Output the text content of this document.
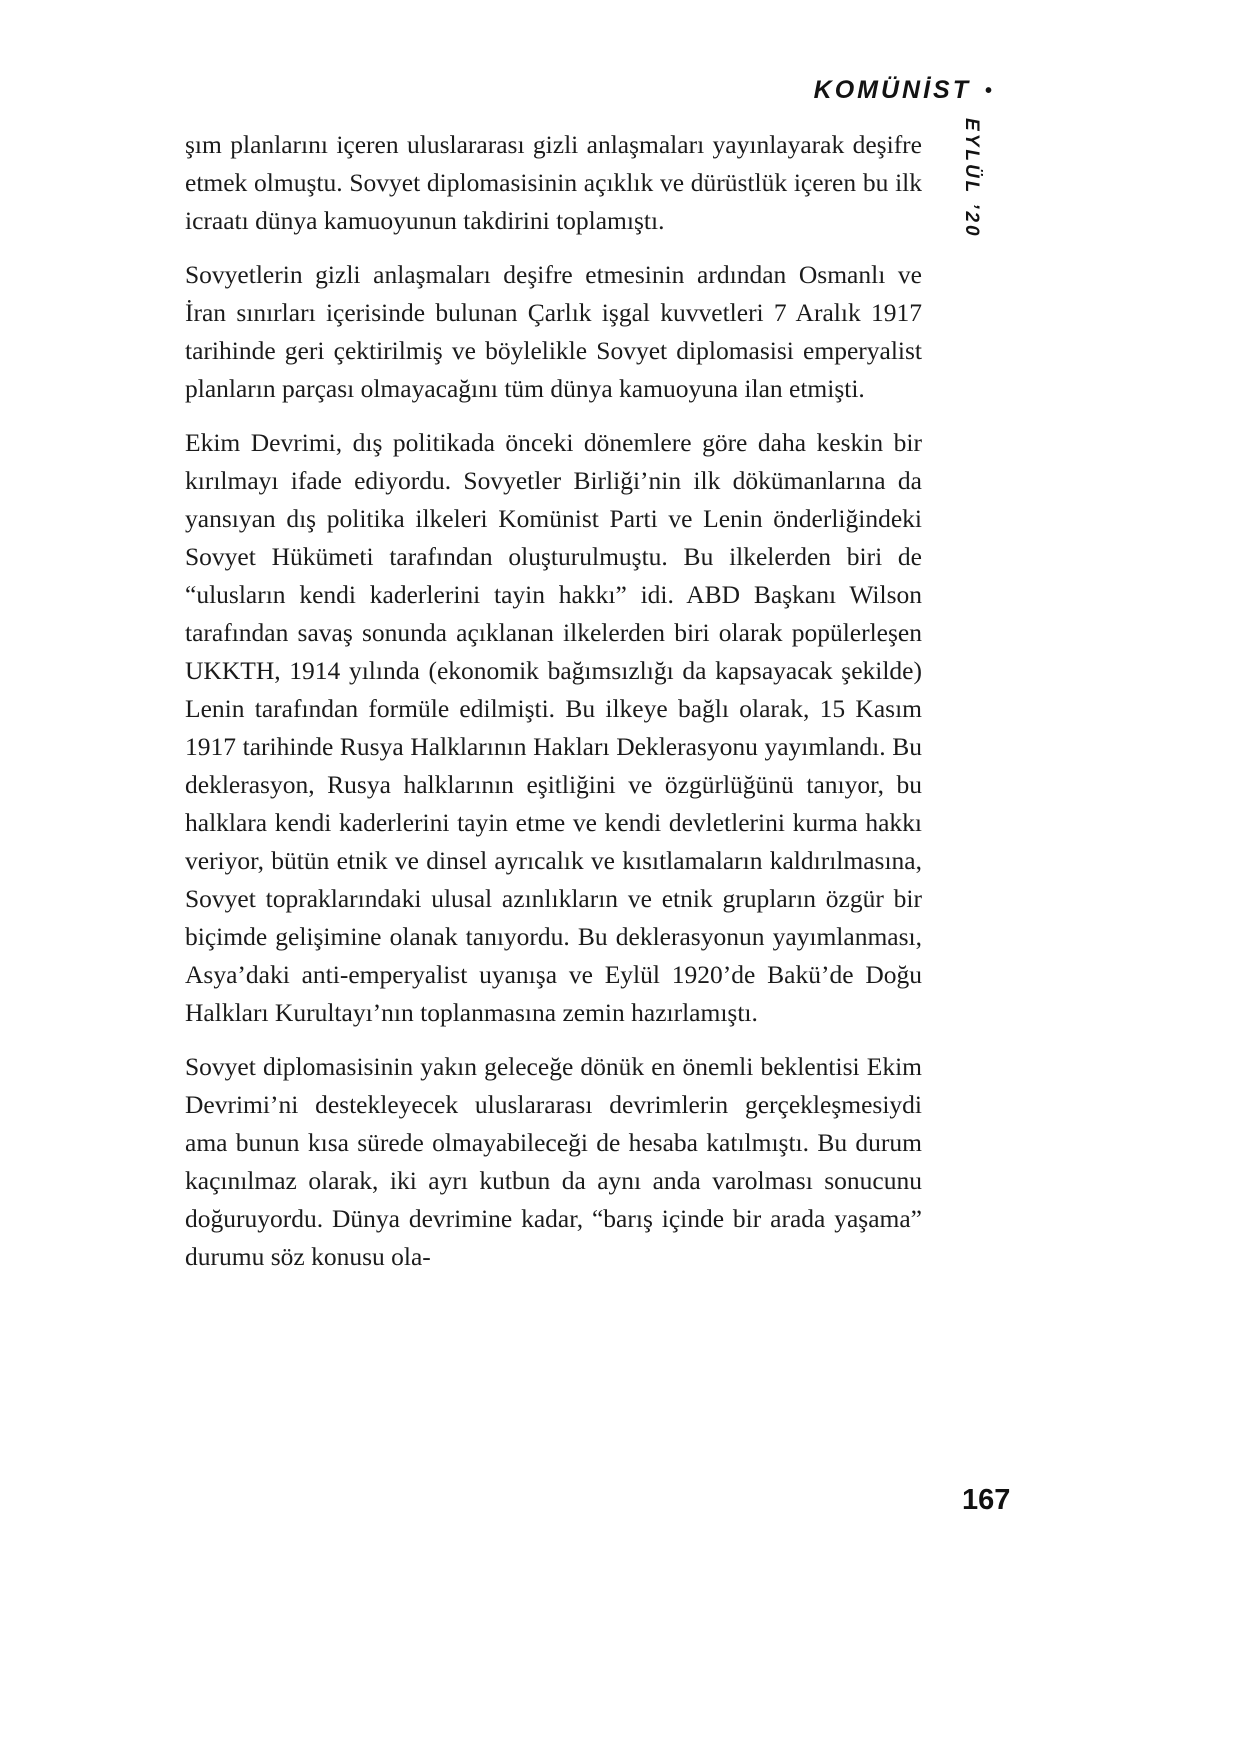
KOMÜNİST •
EYLÜL ’20

şım planlarını içeren uluslararası gizli anlaşmaları yayınlayarak deşifre etmek olmuştu. Sovyet diplomasisinin açıklık ve dürüstlük içeren bu ilk icraatı dünya kamuoyunun takdirini toplamıştı.

Sovyetlerin gizli anlaşmaları deşifre etmesinin ardından Osmanlı ve İran sınırları içerisinde bulunan Çarlık işgal kuvvetleri 7 Aralık 1917 tarihinde geri çektirilmiş ve böylelikle Sovyet diplomasisi emperyalist planların parçası olmayacağını tüm dünya kamuoyuna ilan etmişti.

Ekim Devrimi, dış politikada önceki dönemlere göre daha keskin bir kırılmayı ifade ediyordu. Sovyetler Birliği’nin ilk dökümanlarına da yansıyan dış politika ilkeleri Komünist Parti ve Lenin önderliğindeki Sovyet Hükümeti tarafından oluşturulmuştu. Bu ilkelerden biri de “ulusların kendi kaderlerini tayin hakkı” idi. ABD Başkanı Wilson tarafından savaş sonunda açıklanan ilkelerden biri olarak popülerleşen UKKTH, 1914 yılında (ekonomik bağımsızlığı da kapsayacak şekilde) Lenin tarafından formüle edilmişti. Bu ilkeye bağlı olarak, 15 Kasım 1917 tarihinde Rusya Halklarının Hakları Deklerasyonu yayımlandı. Bu deklerasyon, Rusya halklarının eşitliğini ve özgürlüğünü tanıyor, bu halklara kendi kaderlerini tayin etme ve kendi devletlerini kurma hakkı veriyor, bütün etnik ve dinsel ayrıcalık ve kısıtlamaların kaldırılmasına, Sovyet topraklarındaki ulusal azınlıkların ve etnik grupların özgür bir biçimde gelişimine olanak tanıyordu. Bu deklerasyonun yayımlanması, Asya’daki anti-emperyalist uyanışa ve Eylül 1920’de Bakü’de Doğu Halkları Kurultayı’nın toplanmasına zemin hazırlamıştı.

Sovyet diplomasisinin yakın geleceğe dönük en önemli beklentisi Ekim Devrimi’ni destekleyecek uluslararası devrimlerin gerçekleşmesiydi ama bunun kısa sürede olmayabileceği de hesaba katılmıştı. Bu durum kaçınılmaz olarak, iki ayrı kutbun da aynı anda varolması sonucunu doğuruyordu. Dünya devrimine kadar, “barış içinde bir arada yaşama” durumu söz konusu ola-

167
